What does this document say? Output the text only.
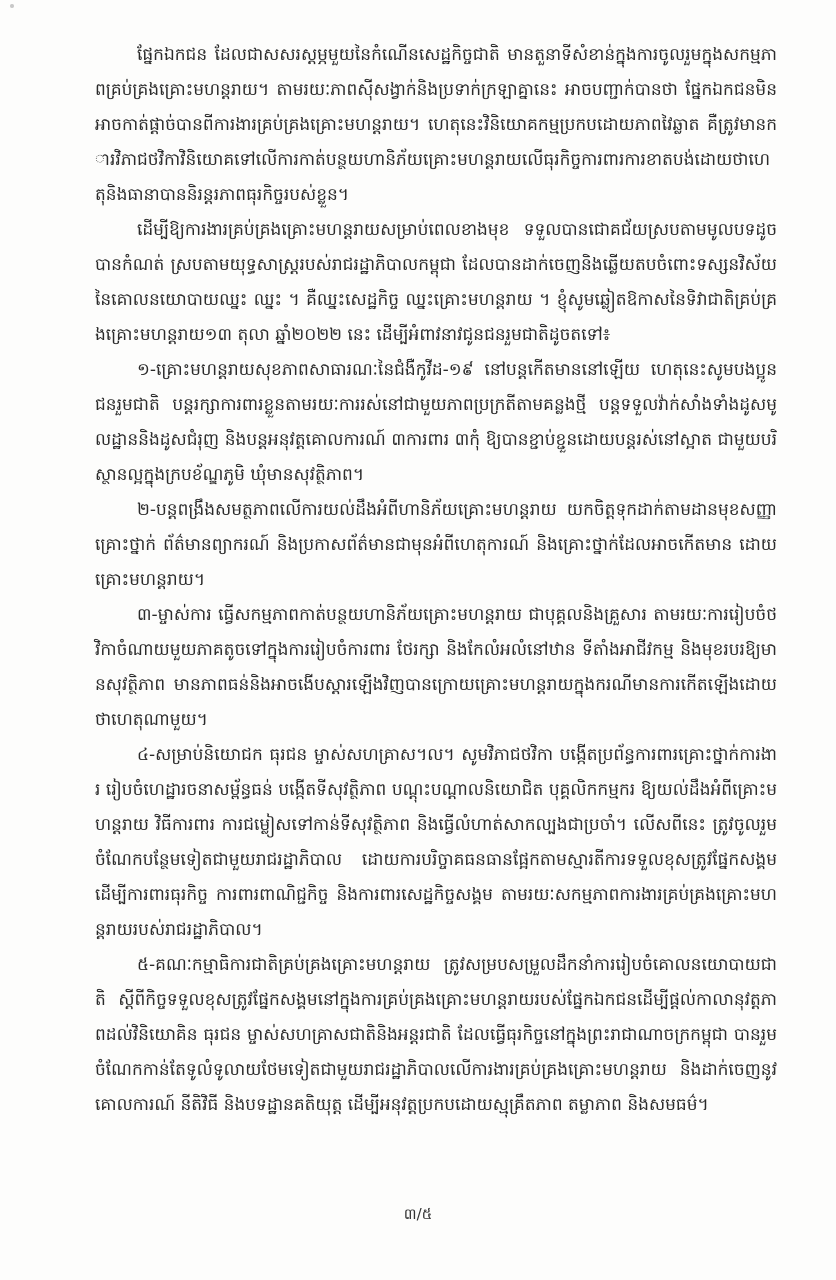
ផ្នែកឯកជន ដែលជាសសរស្តម្ភមួយនៃកំណើនសេដ្ឋកិច្ចជាតិ មានតួនាទីសំខាន់ក្នុងការចូលរួមក្នុងសកម្មភាពគ្រប់គ្រងគ្រោះមហន្តរាយ។ តាមរយៈភាពស៊ីសង្វាក់និងប្រទាក់ក្រឡាគ្នានេះ អាចបញ្ជាក់បានថា ផ្នែកឯកជនមិនអាចកាត់ផ្តាច់បានពីការងារគ្រប់គ្រងគ្រោះមហន្តរាយ។ ហេតុនេះវិនិយោគកម្មប្រកបដោយភាពវៃឆ្លាត គឺត្រូវមានការវិភាជថវិកាវិនិយោគទៅលើការកាត់បន្ថយហានិភ័យគ្រោះមហន្តរាយលើធុរកិច្ចការពារការខាតបង់ដោយថាហេតុនិងធានាបាននិរន្តរភាពធុរកិច្ចរបស់ខ្លួន។

ដើម្បីឱ្យការងារគ្រប់គ្រងគ្រោះមហន្តរាយសម្រាប់ពេលខាងមុខ ទទួលបានជោគជ័យស្របតាមមូលបទដូចបានកំណត់ ស្របតាមយុទ្ធសាស្ត្ររបស់រាជរដ្ឋាភិបាលកម្ពុជា ដែលបានដាក់ចេញនិងឆ្លើយតបចំពោះទស្សនវិស័យនៃគោលនយោបាយឈ្នះ ឈ្នះ ។ គឺឈ្នះសេដ្ឋកិច្ច ឈ្នះគ្រោះមហន្តរាយ ។ ខ្ញុំសូមឆ្លៀតឱកាសនៃទិវាជាតិគ្រប់គ្រងគ្រោះមហន្តរាយ១៣ តុលា ឆ្នាំ២០២២ នេះ ដើម្បីអំពាវនាវជូនជនរួមជាតិដូចតទៅ៖

១-គ្រោះមហន្តរាយសុខភាពសាធារណៈនៃជំងឺកូវីដ-១៩ នៅបន្តកើតមាននៅឡើយ ហេតុនេះសូមបងប្អូនជនរួមជាតិ បន្តរក្សាការពារខ្លួនតាមរយៈការរស់នៅជាមួយភាពប្រក្រតីតាមគន្លងថ្មី បន្តទទួលវ៉ាក់សាំងទាំងដូសមូលដ្ឋាននិងដូសជំរុញ និងបន្តអនុវត្តគោលការណ៍ ៣ការពារ ៣កុំ ឱ្យបានខ្ជាប់ខ្ជួនដោយបន្តរស់នៅស្អាត ជាមួយបរិស្ថានល្អក្នុងក្របខ័ណ្ឌភូមិ ឃុំមានសុវត្ថិភាព។

២-បន្តពង្រឹងសមត្ថភាពលើការយល់ដឹងអំពីហានិភ័យគ្រោះមហន្តរាយ យកចិត្តទុកដាក់តាមដានមុខសញ្ញាគ្រោះថ្នាក់ ព័ត៌មានព្យាករណ៍ និងប្រកាសព័ត៌មានជាមុនអំពីហេតុការណ៍ និងគ្រោះថ្នាក់ដែលអាចកើតមាន ដោយគ្រោះមហន្តរាយ។

៣-ម្ចាស់ការ ធ្វើសកម្មភាពកាត់បន្ថយហានិភ័យគ្រោះមហន្តរាយ ជាបុគ្គលនិងគ្រួសារ តាមរយៈការរៀបចំថវិកាចំណាយមួយភាគតូចទៅក្នុងការរៀបចំការពារ ថែរក្សា និងកែលំអលំនៅឋាន ទីតាំងអាជីវកម្ម និងមុខរបរឱ្យមានសុវត្ថិភាព មានភាពធន់និងអាចងើបស្តារឡើងវិញបានក្រោយគ្រោះមហន្តរាយក្នុងករណីមានការកើតឡើងដោយថាហេតុណាមួយ។

៤-សម្រាប់និយោជក ធុរជន ម្ចាស់សហគ្រាស។ល។ សូមវិភាជថវិកា បង្កើតប្រព័ន្ធការពារគ្រោះថ្នាក់ការងារ រៀបចំហេដ្ឋារចនាសម្ព័ន្ធធន់ បង្កើតទីសុវត្ថិភាព បណ្តុះបណ្តាលនិយោជិត បុគ្គលិកកម្មករ ឱ្យយល់ដឹងអំពីគ្រោះមហន្តរាយ វិធីការពារ ការជម្លៀសទៅកាន់ទីសុវត្ថិភាព និងធ្វើលំហាត់សាកល្បងជាប្រចាំ។ លើសពីនេះ ត្រូវចូលរួមចំណែកបន្ថែមទៀតជាមួយរាជរដ្ឋាភិបាល ដោយការបរិច្ចាគធនធានផ្អែកតាមស្មារតីការទទួលខុសត្រូវផ្នែកសង្គម ដើម្បីការពារធុរកិច្ច ការពារពាណិជ្ជកិច្ច និងការពារសេដ្ឋកិច្ចសង្គម តាមរយៈសកម្មភាពការងារគ្រប់គ្រងគ្រោះមហន្តរាយរបស់រាជរដ្ឋាភិបាល។

៥-គណៈកម្មាធិការជាតិគ្រប់គ្រងគ្រោះមហន្តរាយ ត្រូវសម្របសម្រួលដឹកនាំការរៀបចំគោលនយោបាយជាតិ ស្តីពីកិច្ចទទួលខុសត្រូវផ្នែកសង្គមនៅក្នុងការគ្រប់គ្រងគ្រោះមហន្តរាយរបស់ផ្នែកឯកជនដើម្បីផ្តល់កាលានុវត្តភាពដល់វិនិយោគិន ធុរជន ម្ចាស់សហគ្រាសជាតិនិងអន្តរជាតិ ដែលធ្វើធុរកិច្ចនៅក្នុងព្រះរាជាណាចក្រកម្ពុជា បានរួមចំណែកកាន់តែទូលំទូលាយថែមទៀតជាមួយរាជរដ្ឋាភិបាលលើការងារគ្រប់គ្រងគ្រោះមហន្តរាយ និងដាក់ចេញនូវគោលការណ៍ នីតិវិធី និងបទដ្ឋានគតិយុត្ត ដើម្បីអនុវត្តប្រកបដោយស្មុគ្រឹតភាព តម្លាភាព និងសមធម៌។

៣/៥
